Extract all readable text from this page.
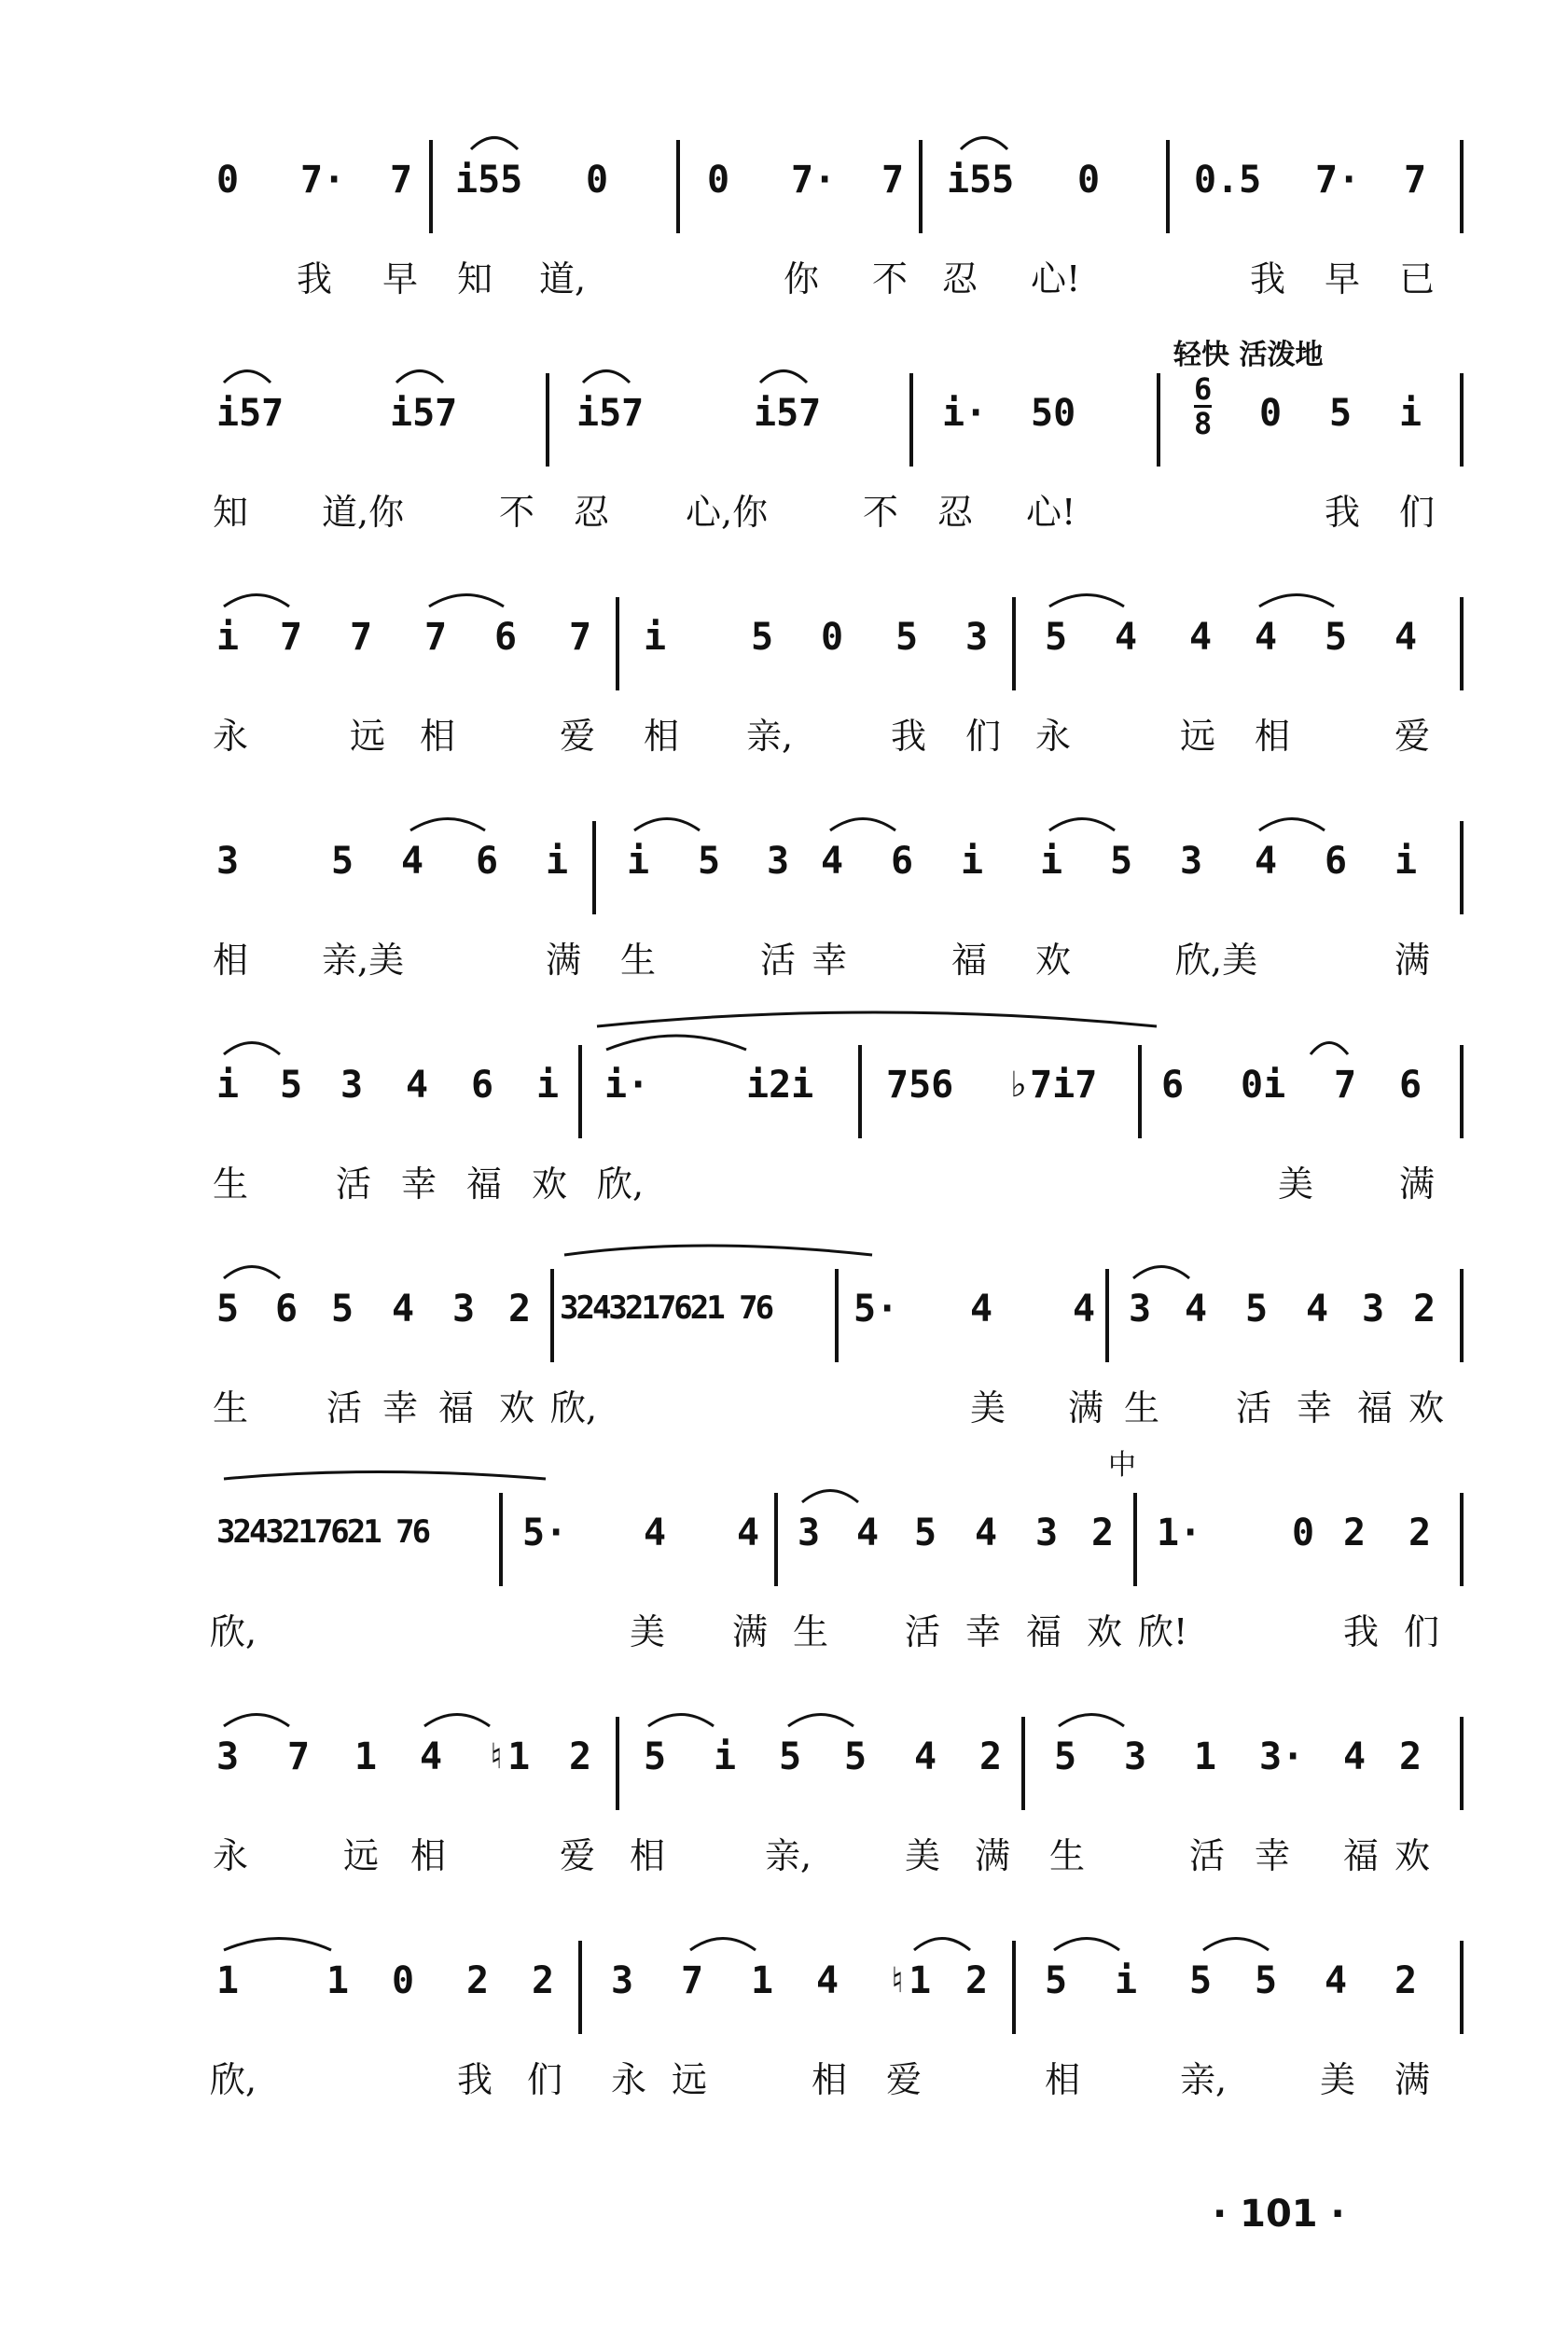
0 7· 7 i55 0	0 7· 7 i55 0	0.5 7· 7
我 早 知 道,	你 不 忍 心!	我 早 已
轻快 活泼地
i57	i57	i57	i57	i· 50
6
8 0 5 i
知 道,你	不 忍 心,你	不 忍 心!	我 们
i 7 7 7 6 7 i 5 0 5 3 5 4 4 4 5 4
永	远 相	爱 相 亲,	我 们 永	远 相	爱
3 5 4 6 i i 5 3 4 6 i i 5 3 4 6 i
相 亲,美	满 生	活 幸	福 欢	欣,美	满
i 5 3 4 6 i i·	i2i 756 ♭7i7 6 0i 7 6
生 活 幸 福 欢 欣,	美 满
5 6 5 4 3 2 3243217621 76 5· 4 4 3 4 5 4 3 2
生 活 幸 福 欢 欣,	美 满 生 活 幸 福 欢
中
3243217621 76	5· 4 4 3 4 5 4 3 2 1· 0 2 2
欣,	美 满 生 活 幸 福 欢 欣!	我 们
3 7 1 4 ♮1 2 5 i 5 5 4 2 5 3 1 3· 4 2
永	远 相	爱 相	亲,	美 满 生	活 幸 福 欢
1 1 0 2 2 3 7 1 4 ♮1 2 5 i 5 5 4 2
欣,	我 们 永 远	相 爱	相	亲,	美 满
· 101 ·
